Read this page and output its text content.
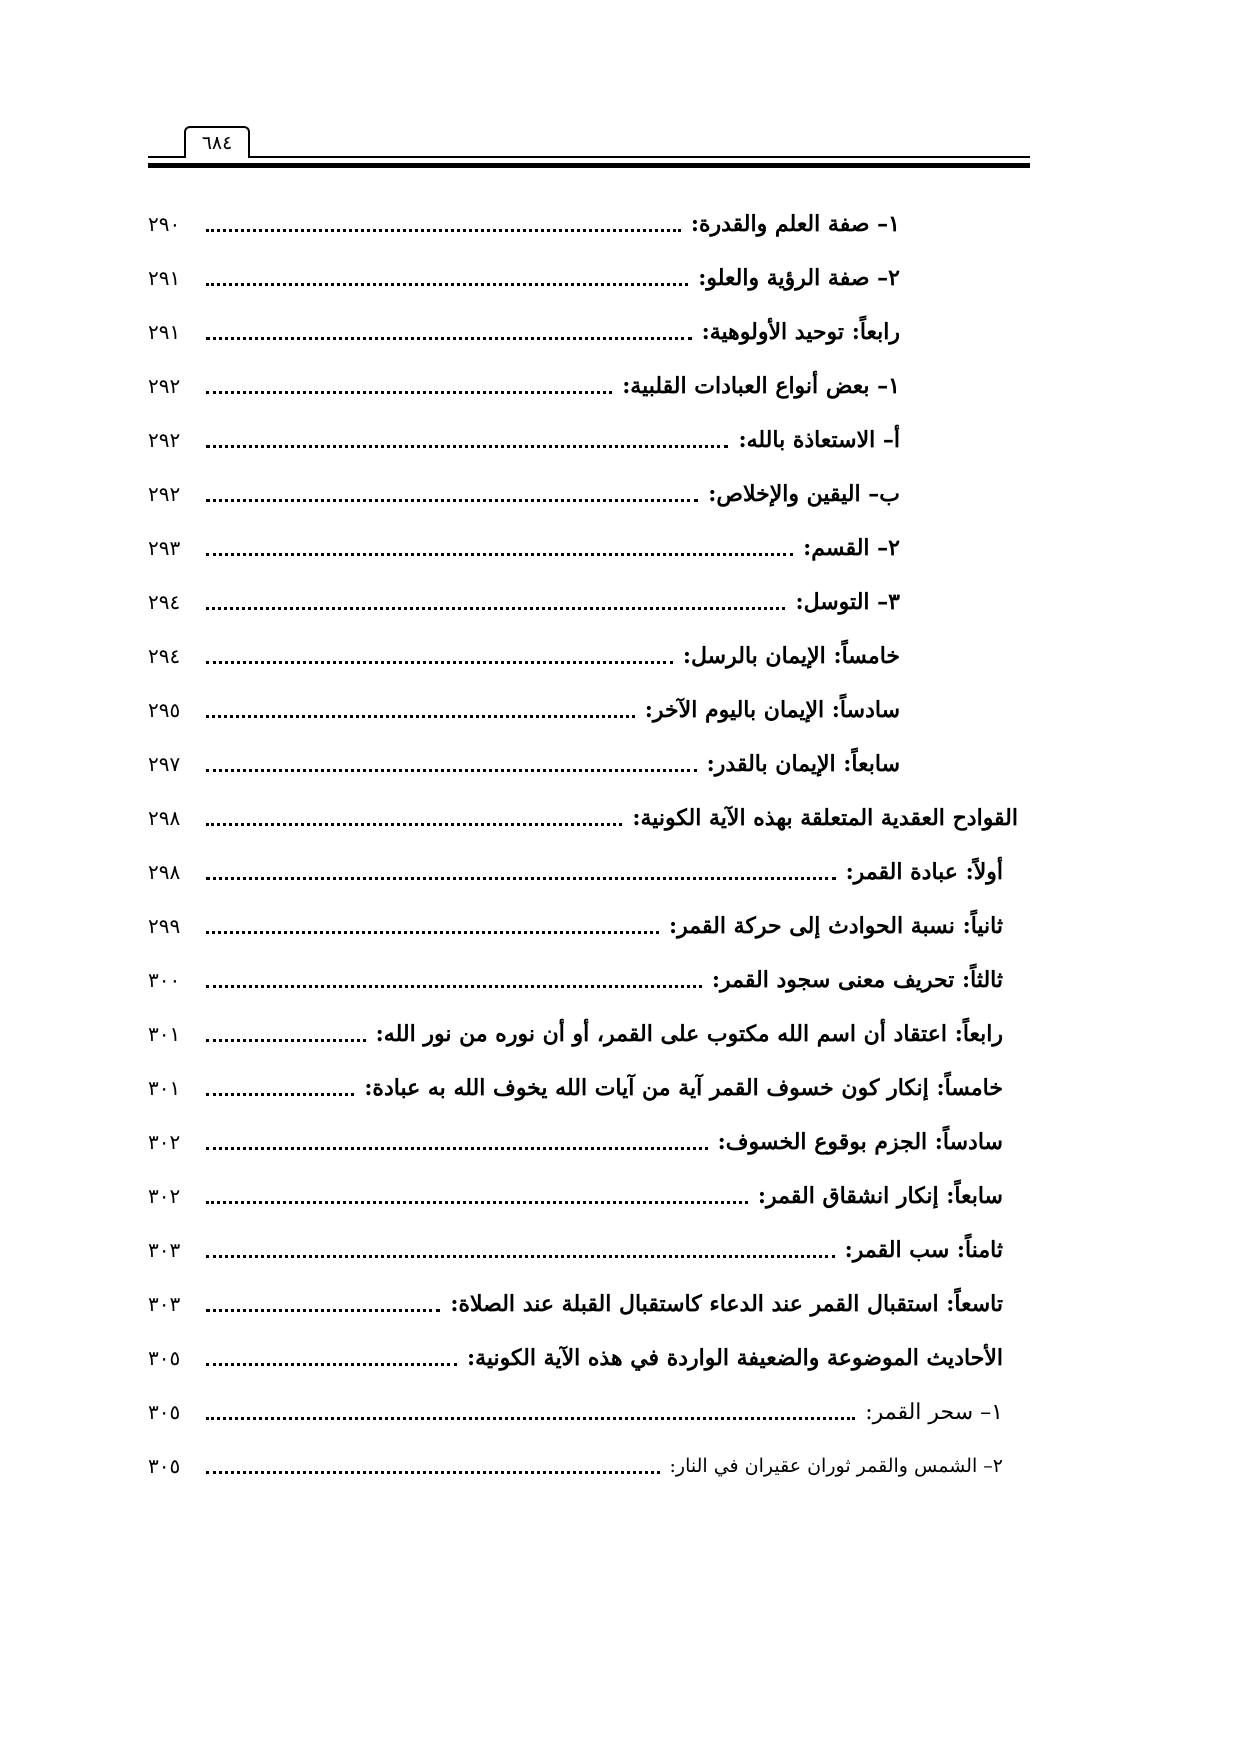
٦٨٤
١– صفة العلم والقدرة:
٢٩٠
٢– صفة الرؤية والعلو:
٢٩١
رابعاً: توحيد الأولوهية:
٢٩١
١– بعض أنواع العبادات القلبية:
٢٩٢
أ– الاستعاذة بالله:
٢٩٢
ب– اليقين والإخلاص:
٢٩٢
٢– القسم:
٢٩٣
٣– التوسل:
٢٩٤
خامساً: الإيمان بالرسل:
٢٩٤
سادساً: الإيمان باليوم الآخر:
٢٩٥
سابعاً: الإيمان بالقدر:
٢٩٧
القوادح العقدية المتعلقة بهذه الآية الكونية:
٢٩٨
أولاً: عبادة القمر:
٢٩٨
ثانياً: نسبة الحوادث إلى حركة القمر:
٢٩٩
ثالثاً: تحريف معنى سجود القمر:
٣٠٠
رابعاً: اعتقاد أن اسم الله مكتوب على القمر، أو أن نوره من نور الله:
٣٠١
خامساً: إنكار كون خسوف القمر آية من آيات الله يخوف الله به عبادة:
٣٠١
سادساً: الجزم بوقوع الخسوف:
٣٠٢
سابعاً: إنكار انشقاق القمر:
٣٠٢
ثامناً: سب القمر:
٣٠٣
تاسعاً: استقبال القمر عند الدعاء كاستقبال القبلة عند الصلاة:
٣٠٣
الأحاديث الموضوعة والضعيفة الواردة في هذه الآية الكونية:
٣٠٥
١– سحر القمر:
٣٠٥
٢– الشمس والقمر ثوران عقيران في النار:
٣٠٥
